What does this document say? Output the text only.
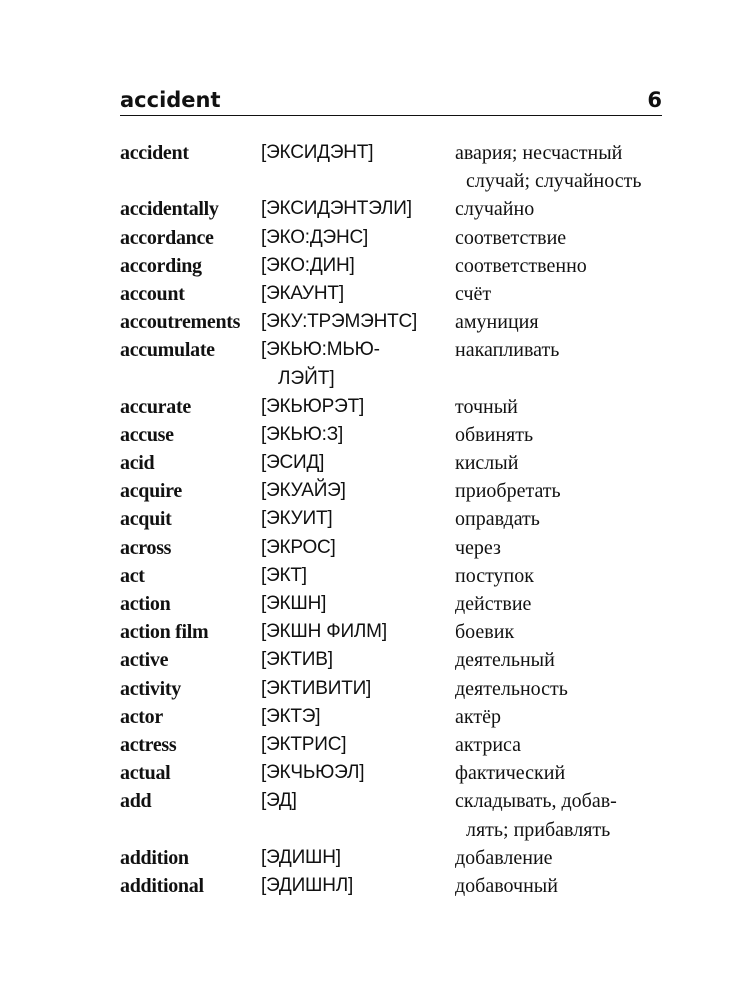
accident	6
accident	[ЭКСИДЭНТ]	авария; несчастный
случай; случайность
accidentally [ЭКСИДЭНТЭЛИ] случайно
accordance [ЭКО:ДЭНС]	соответствие
according	[ЭКО:ДИН]	соответственно
account	[ЭКАУНТ]	счёт
accoutrements [ЭКУ:ТРЭМЭНТС] амуниция
accumulate [ЭКЬЮ:МЬЮ-	накапливать
ЛЭЙТ]
accurate	[ЭКЬЮРЭТ]	точный
accuse	[ЭКЬЮ:З]	обвинять
acid	[ЭСИД]	кислый
acquire	[ЭКУАЙЭ]	приобретать
acquit	[ЭКУИТ]	оправдать
across	[ЭКРОС]	через
act	[ЭКТ]	поступок
action	[ЭКШН]	действие
action film	[ЭКШН ФИЛМ]	боевик
active	[ЭКТИВ]	деятельный
activity	[ЭКТИВИТИ]	деятельность
actor	[ЭКТЭ]	актёр
actress	[ЭКТРИС]	актриса
actual	[ЭКЧЬЮЭЛ]	фактический
add	[ЭД]	складывать, добав-
лять; прибавлять
addition	[ЭДИШН]	добавление
additional	[ЭДИШНЛ]	добавочный
